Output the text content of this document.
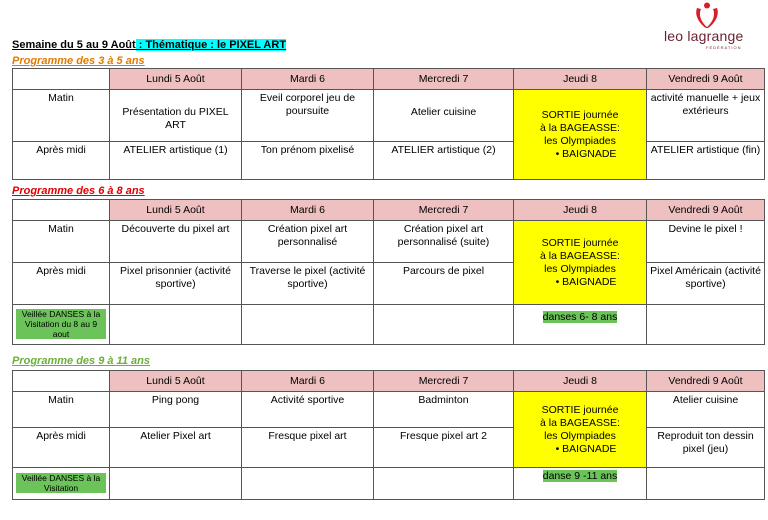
Semaine du 5 au 9 Août : Thématique : le PIXEL ART
leo lagrange
FÉDÉRATION
Programme des 3 à 5 ans
	Lundi 5 Août	Mardi 6	Mercredi 7	Jeudi 8	Vendredi 9 Août
Matin	Présentation du PIXEL ART	Eveil corporel jeu de poursuite	Atelier cuisine	SORTIE journée
à la BAGEASSE:
les Olympiades
• BAIGNADE	activité manuelle + jeux extérieurs
Après midi	ATELIER artistique (1)	Ton prénom pixelisé	ATELIER artistique (2)		ATELIER artistique (fin)
Programme des 6 à 8 ans
	Lundi 5 Août	Mardi 6	Mercredi 7	Jeudi 8	Vendredi 9 Août
Matin	Découverte du pixel art	Création pixel art personnalisé	Création pixel art personnalisé (suite)	SORTIE journée
à la BAGEASSE:
les Olympiades
• BAIGNADE	Devine le pixel !
Après midi	Pixel prisonnier (activité sportive)	Traverse le pixel (activité sportive)	Parcours de pixel		Pixel Américain (activité sportive)
Veillée DANSES à la Visitation du 8 au 9 aout				danses 6- 8 ans	
Programme des 9 à 11 ans
	Lundi 5 Août	Mardi 6	Mercredi 7	Jeudi 8	Vendredi 9 Août
Matin	Ping pong	Activité sportive	Badminton	SORTIE journée
à la BAGEASSE:
les Olympiades
• BAIGNADE	Atelier cuisine
Après midi	Atelier Pixel art	Fresque pixel art	Fresque pixel art 2		Reproduit ton dessin pixel (jeu)
Veillée DANSES à la Visitation				danse 9 -11 ans	
